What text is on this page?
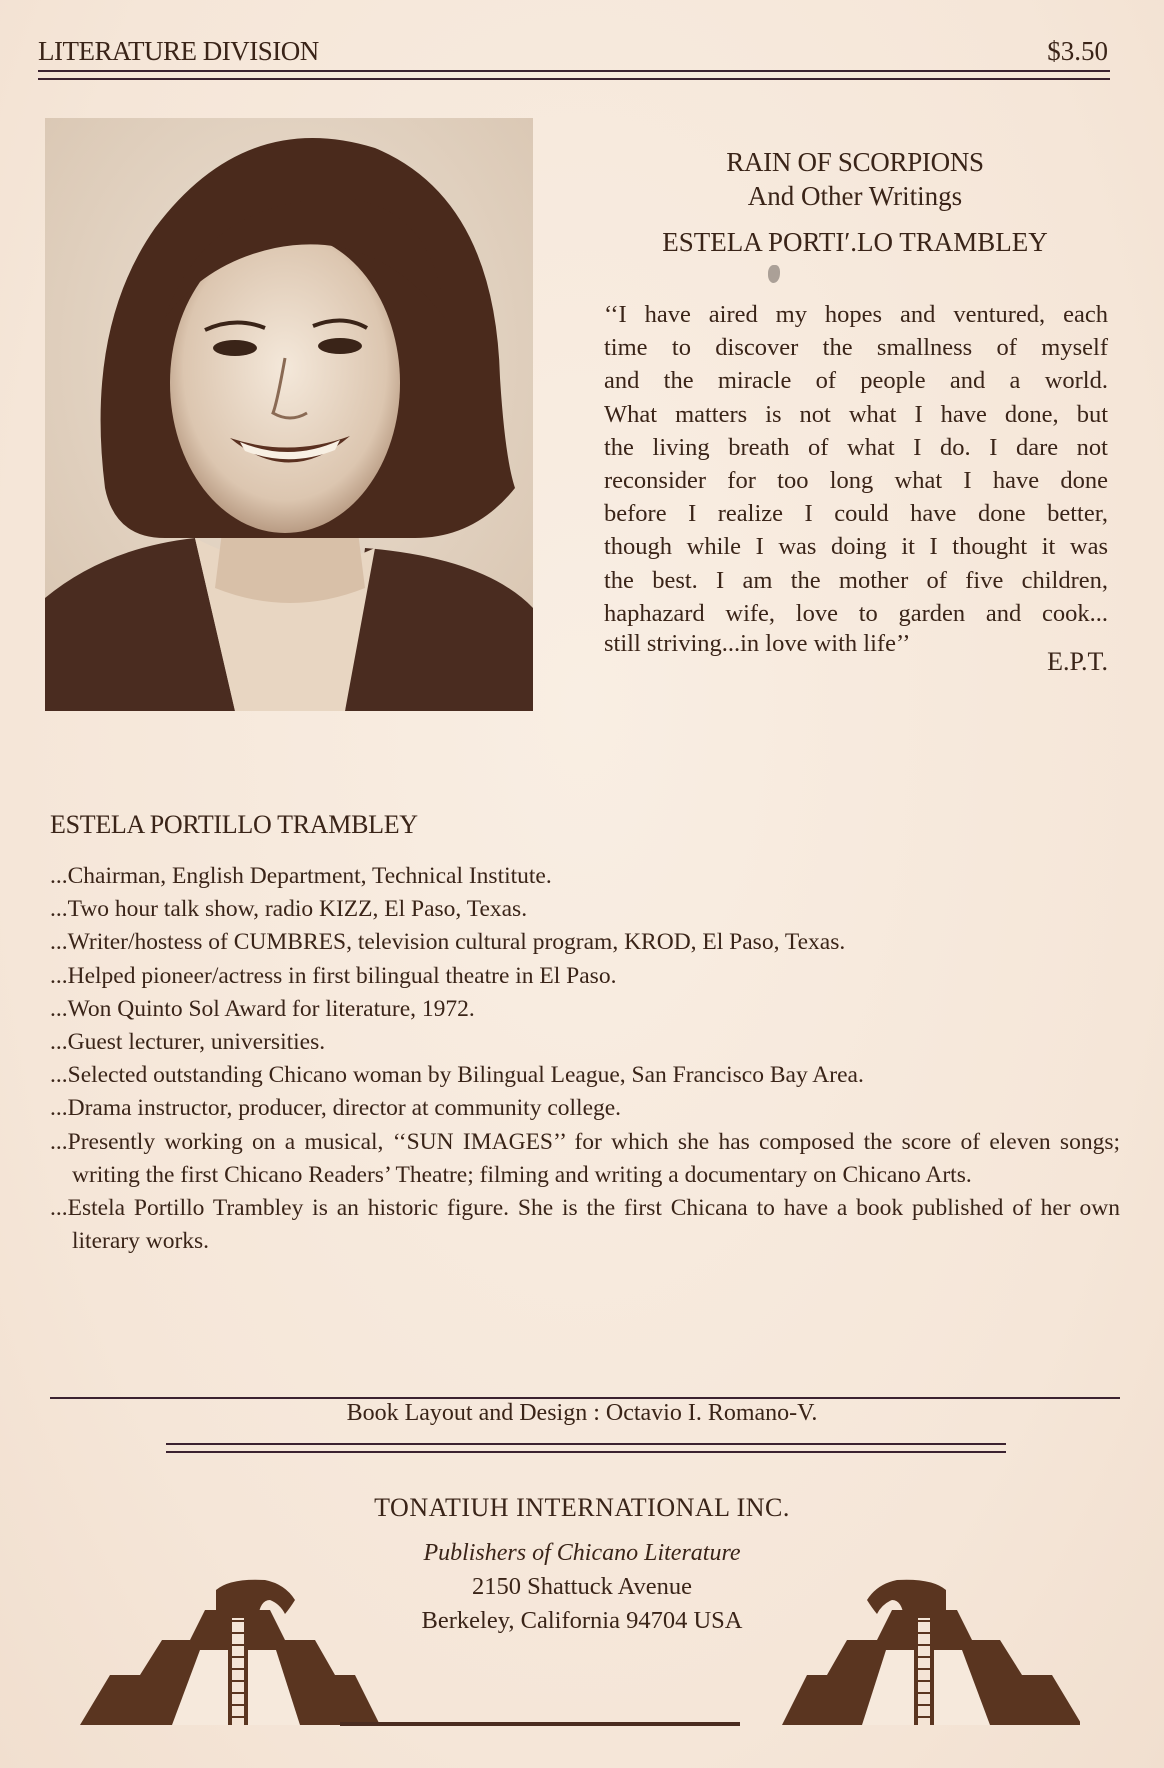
LITERATURE DIVISION	$3.50
RAIN OF SCORPIONS
And Other Writings
ESTELA PORTIʹ.LO TRAMBLEY
‘‘I have aired my hopes and ventured, each
time to discover the smallness of myself
and the miracle of people and a world.
What matters is not what I have done, but
the living breath of what I do. I dare not
reconsider for too long what I have done
before I realize I could have done better,
though while I was doing it I thought it was
the best. I am the mother of five children,
haphazard wife, love to garden and cook...
still striving...in love with life’’
E.P.T.
ESTELA PORTILLO TRAMBLEY
...Chairman, English Department, Technical Institute.
...Two hour talk show, radio KIZZ, El Paso, Texas.
...Writer/hostess of CUMBRES, television cultural program, KROD, El Paso, Texas.
...Helped pioneer/actress in first bilingual theatre in El Paso.
...Won Quinto Sol Award for literature, 1972.
...Guest lecturer, universities.
...Selected outstanding Chicano woman by Bilingual League, San Francisco Bay Area.
...Drama instructor, producer, director at community college.
...Presently working on a musical, ‘‘SUN IMAGES’’ for which she has composed the score of eleven songs; writing the first Chicano Readers’ Theatre; filming and writing a documentary on Chicano Arts.
...Estela Portillo Trambley is an historic figure. She is the first Chicana to have a book published of her own literary works.
Book Layout and Design : Octavio I. Romano-V.
TONATIUH INTERNATIONAL INC.
Publishers of Chicano Literature
2150 Shattuck Avenue
Berkeley, California 94704 USA
